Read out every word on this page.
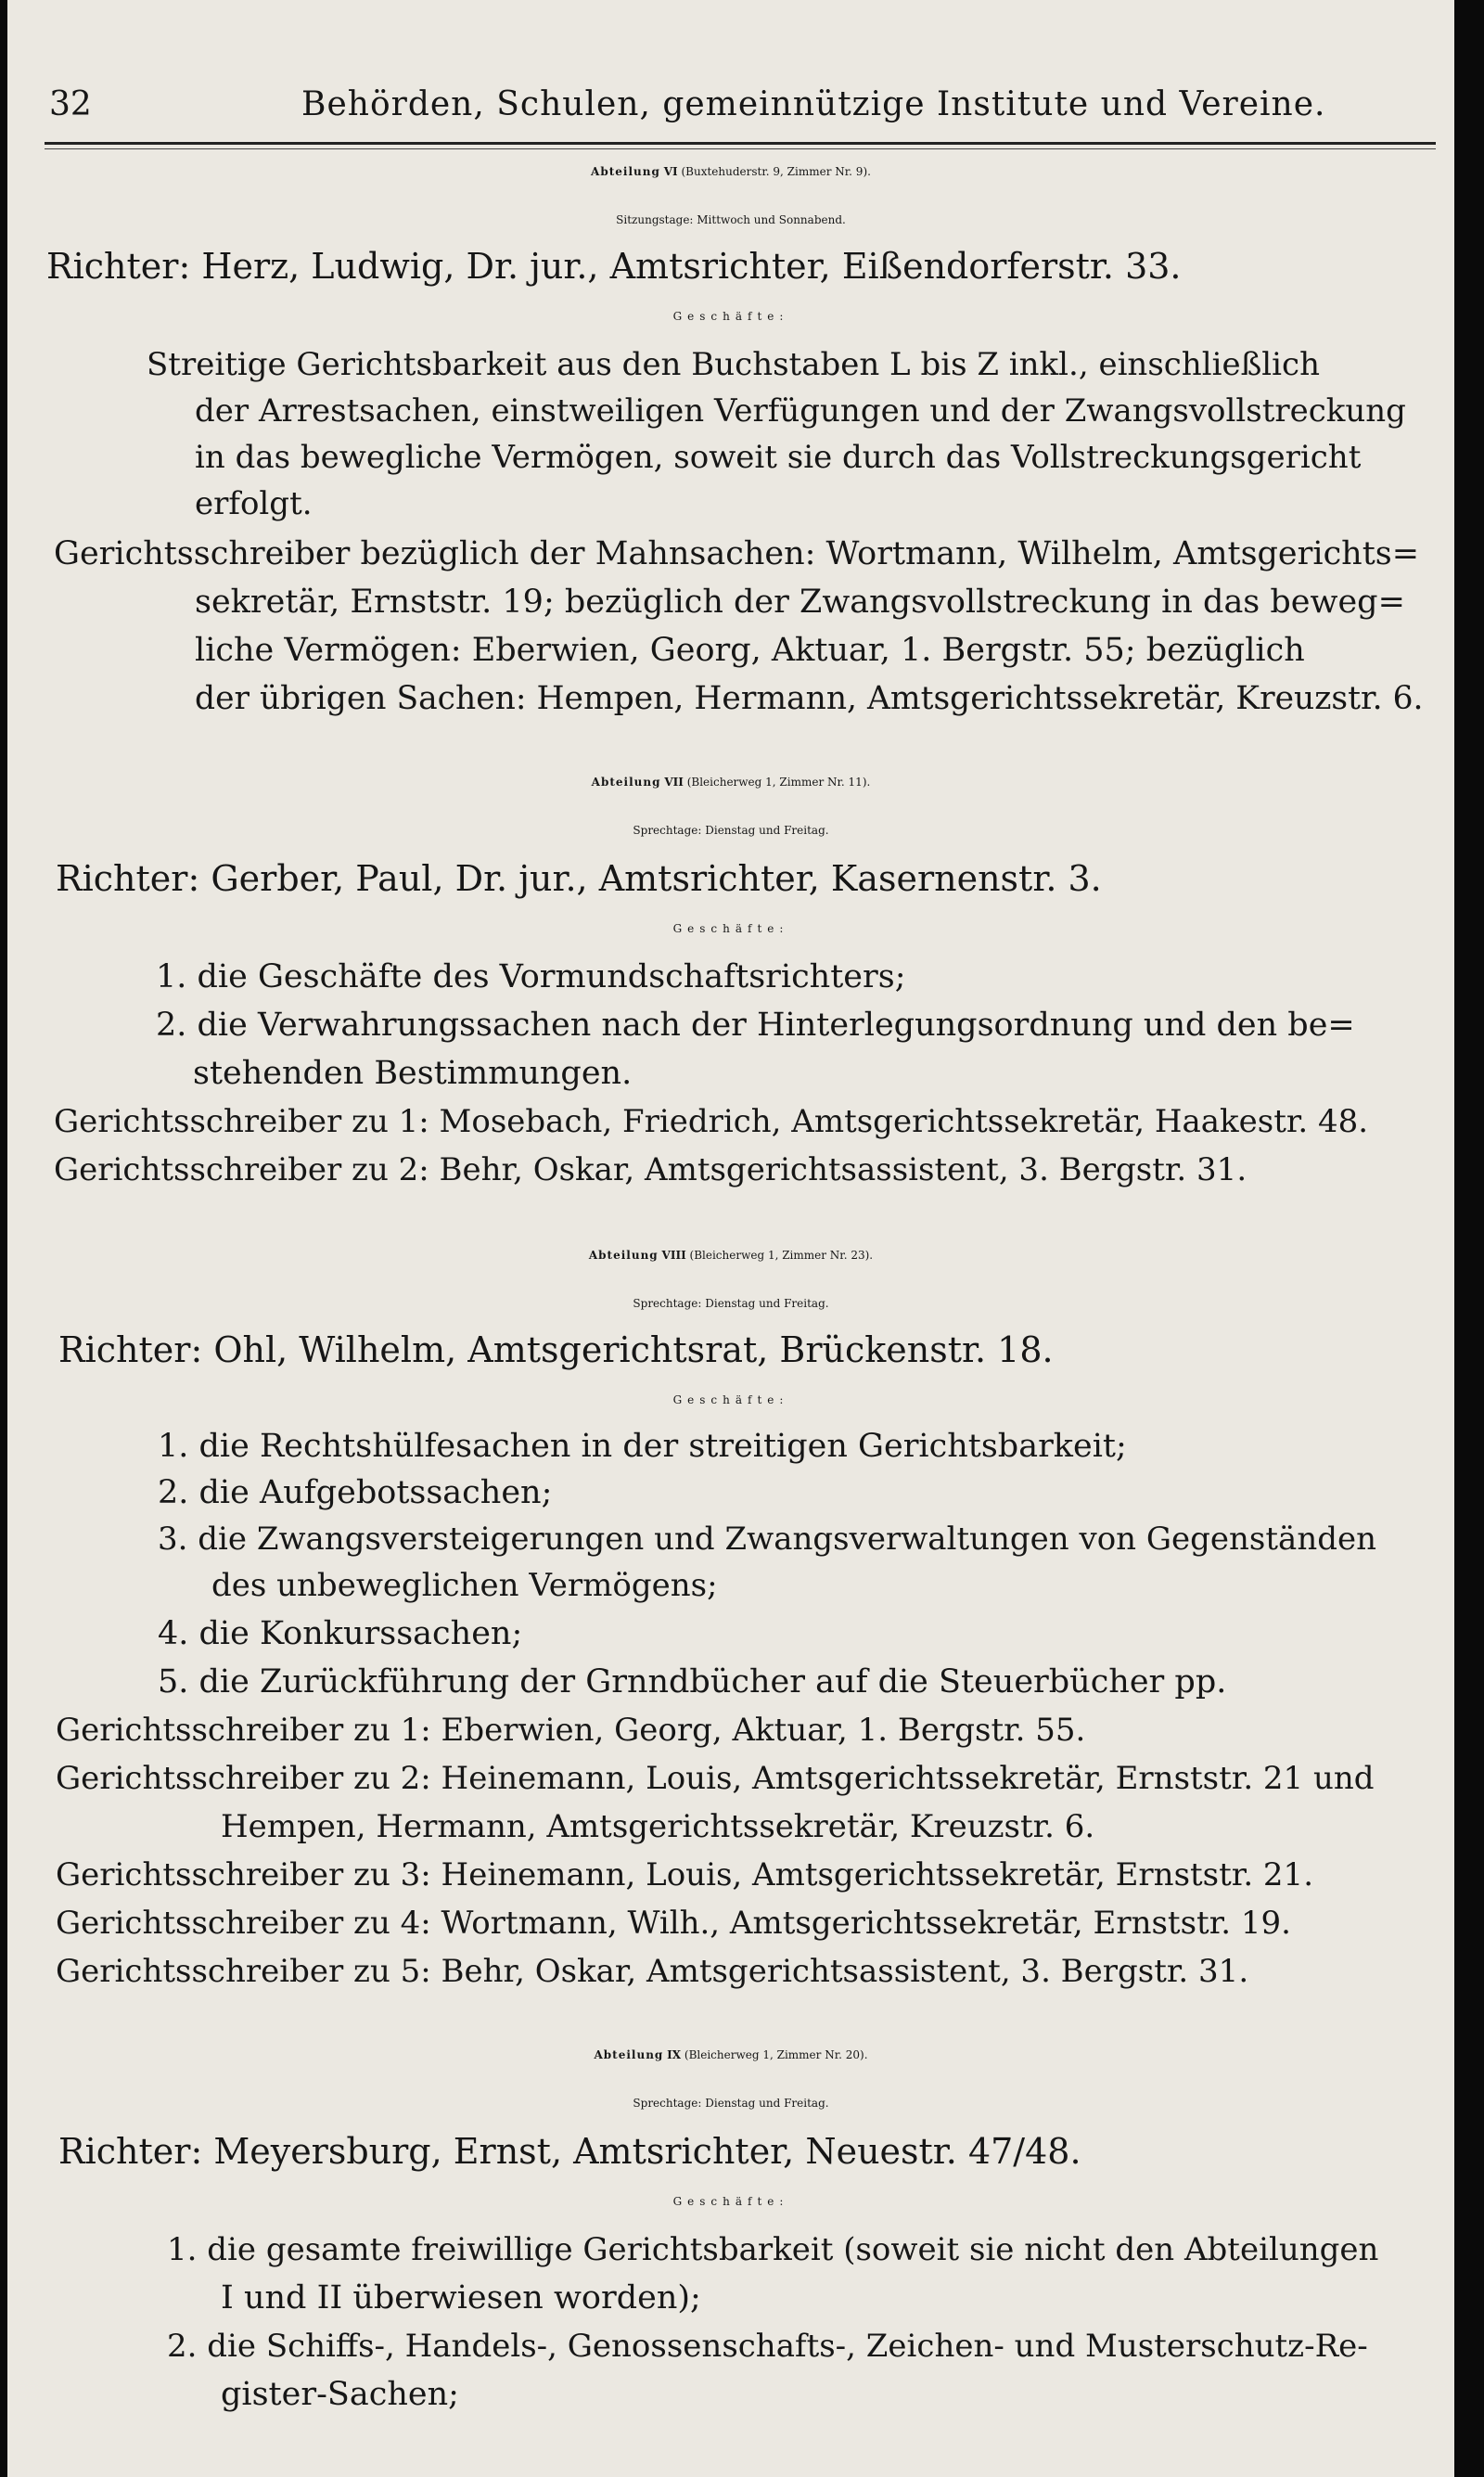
32	Behörden, Schulen, gemeinnützige Institute und Vereine.
Abteilung VI (Buxtehuderstr. 9, Zimmer Nr. 9).
Sitzungstage: Mittwoch und Sonnabend.
Richter: Herz, Ludwig, Dr. jur., Amtsrichter, Eißendorferstr. 33.
Geschäfte:
Streitige Gerichtsbarkeit aus den Buchstaben L bis Z inkl., einschließlich
der Arrestsachen, einstweiligen Verfügungen und der Zwangsvollstreckung
in das bewegliche Vermögen, soweit sie durch das Vollstreckungsgericht
erfolgt.
Gerichtsschreiber bezüglich der Mahnsachen: Wortmann, Wilhelm, Amtsgerichts=
sekretär, Ernststr. 19; bezüglich der Zwangsvollstreckung in das beweg=
liche Vermögen: Eberwien, Georg, Aktuar, 1. Bergstr. 55; bezüglich
der übrigen Sachen: Hempen, Hermann, Amtsgerichtssekretär, Kreuzstr. 6.
Abteilung VII (Bleicherweg 1, Zimmer Nr. 11).
Sprechtage: Dienstag und Freitag.
Richter: Gerber, Paul, Dr. jur., Amtsrichter, Kasernenstr. 3.
Geschäfte:
1. die Geschäfte des Vormundschaftsrichters;
2. die Verwahrungssachen nach der Hinterlegungsordnung und den be=
stehenden Bestimmungen.
Gerichtsschreiber zu 1: Mosebach, Friedrich, Amtsgerichtssekretär, Haakestr. 48.
Gerichtsschreiber zu 2: Behr, Oskar, Amtsgerichtsassistent, 3. Bergstr. 31.
Abteilung VIII (Bleicherweg 1, Zimmer Nr. 23).
Sprechtage: Dienstag und Freitag.
Richter: Ohl, Wilhelm, Amtsgerichtsrat, Brückenstr. 18.
Geschäfte:
1. die Rechtshülfesachen in der streitigen Gerichtsbarkeit;
2. die Aufgebotssachen;
3. die Zwangsversteigerungen und Zwangsverwaltungen von Gegenständen
des unbeweglichen Vermögens;
4. die Konkurssachen;
5. die Zurückführung der Grnndbücher auf die Steuerbücher pp.
Gerichtsschreiber zu 1: Eberwien, Georg, Aktuar, 1. Bergstr. 55.
Gerichtsschreiber zu 2: Heinemann, Louis, Amtsgerichtssekretär, Ernststr. 21 und
Hempen, Hermann, Amtsgerichtssekretär, Kreuzstr. 6.
Gerichtsschreiber zu 3: Heinemann, Louis, Amtsgerichtssekretär, Ernststr. 21.
Gerichtsschreiber zu 4: Wortmann, Wilh., Amtsgerichtssekretär, Ernststr. 19.
Gerichtsschreiber zu 5: Behr, Oskar, Amtsgerichtsassistent, 3. Bergstr. 31.
Abteilung IX (Bleicherweg 1, Zimmer Nr. 20).
Sprechtage: Dienstag und Freitag.
Richter: Meyersburg, Ernst, Amtsrichter, Neuestr. 47/48.
Geschäfte:
1. die gesamte freiwillige Gerichtsbarkeit (soweit sie nicht den Abteilungen
I und II überwiesen worden);
2. die Schiffs-, Handels-, Genossenschafts-, Zeichen- und Musterschutz-Re-
gister-Sachen;
